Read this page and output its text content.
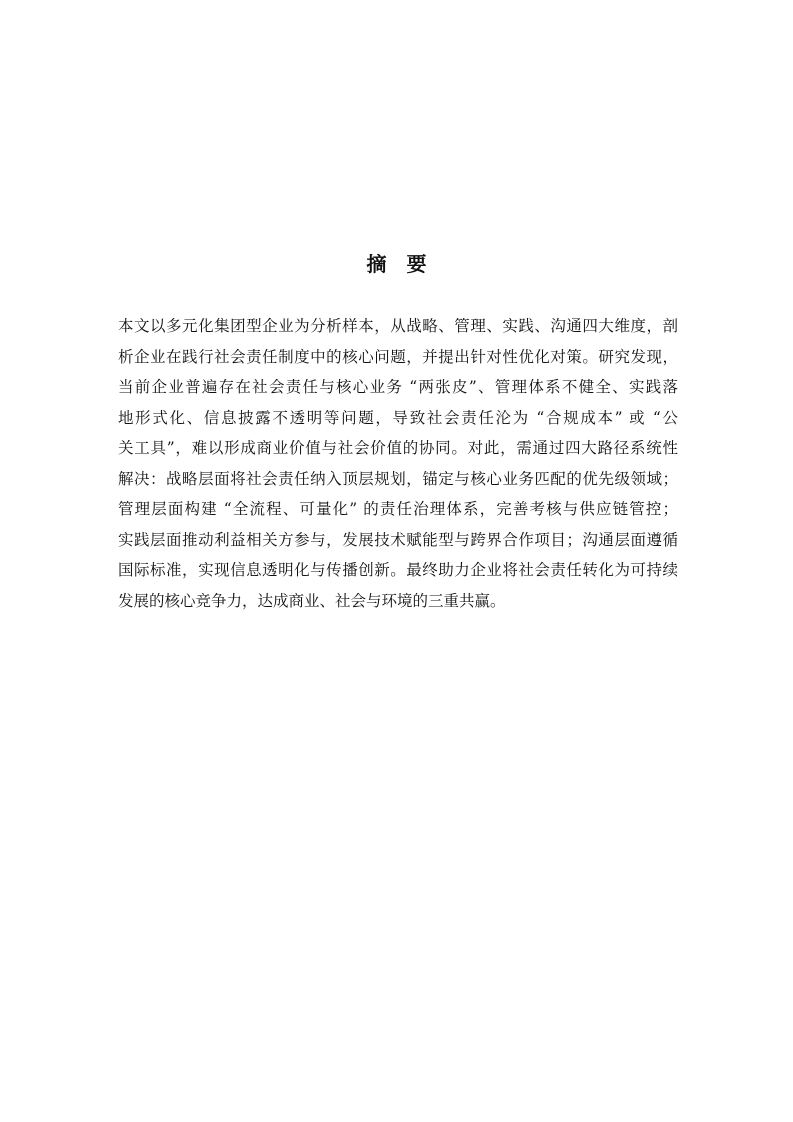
摘 要
本文以多元化集团型企业为分析样本，从战略、管理、实践、沟通四大维度，剖
析企业在践行社会责任制度中的核心问题，并提出针对性优化对策。研究发现，
当前企业普遍存在社会责任与核心业务 “两张皮”、管理体系不健全、实践落
地形式化、信息披露不透明等问题，导致社会责任沦为 “合规成本” 或 “公
关工具”，难以形成商业价值与社会价值的协同。对此，需通过四大路径系统性
解决：战略层面将社会责任纳入顶层规划，锚定与核心业务匹配的优先级领域；
管理层面构建 “全流程、可量化” 的责任治理体系，完善考核与供应链管控；
实践层面推动利益相关方参与，发展技术赋能型与跨界合作项目；沟通层面遵循
国际标准，实现信息透明化与传播创新。最终助力企业将社会责任转化为可持续
发展的核心竞争力，达成商业、社会与环境的三重共赢。
